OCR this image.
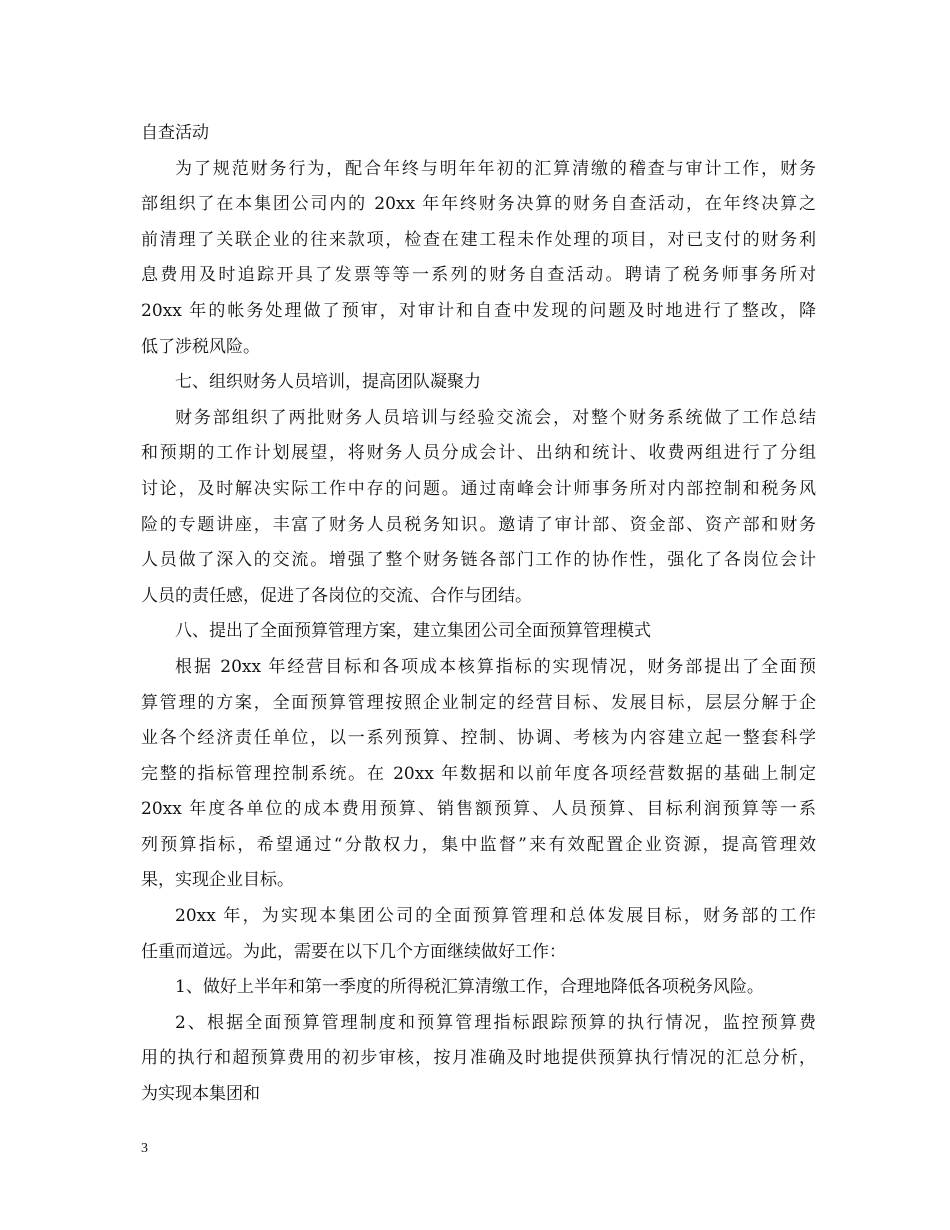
自查活动
为了规范财务行为，配合年终与明年年初的汇算清缴的稽查与审计工作，财务
部组织了在本集团公司内的 20xx 年年终财务决算的财务自查活动，在年终决算之
前清理了关联企业的往来款项，检查在建工程未作处理的项目，对已支付的财务利
息费用及时追踪开具了发票等等一系列的财务自查活动。聘请了税务师事务所对
20xx 年的帐务处理做了预审，对审计和自查中发现的问题及时地进行了整改，降
低了涉税风险。
七、组织财务人员培训，提高团队凝聚力
财务部组织了两批财务人员培训与经验交流会，对整个财务系统做了工作总结
和预期的工作计划展望，将财务人员分成会计、出纳和统计、收费两组进行了分组
讨论，及时解决实际工作中存的问题。通过南峰会计师事务所对内部控制和税务风
险的专题讲座，丰富了财务人员税务知识。邀请了审计部、资金部、资产部和财务
人员做了深入的交流。增强了整个财务链各部门工作的协作性，强化了各岗位会计
人员的责任感，促进了各岗位的交流、合作与团结。
八、提出了全面预算管理方案，建立集团公司全面预算管理模式
根据 20xx 年经营目标和各项成本核算指标的实现情况，财务部提出了全面预
算管理的方案，全面预算管理按照企业制定的经营目标、发展目标，层层分解于企
业各个经济责任单位，以一系列预算、控制、协调、考核为内容建立起一整套科学
完整的指标管理控制系统。在 20xx 年数据和以前年度各项经营数据的基础上制定
20xx 年度各单位的成本费用预算、销售额预算、人员预算、目标利润预算等一系
列预算指标，希望通过“分散权力，集中监督”来有效配置企业资源，提高管理效
果，实现企业目标。
20xx 年，为实现本集团公司的全面预算管理和总体发展目标，财务部的工作
任重而道远。为此，需要在以下几个方面继续做好工作：
1、做好上半年和第一季度的所得税汇算清缴工作，合理地降低各项税务风险。
2、根据全面预算管理制度和预算管理指标跟踪预算的执行情况，监控预算费
用的执行和超预算费用的初步审核，按月准确及时地提供预算执行情况的汇总分析，
为实现本集团和
3
